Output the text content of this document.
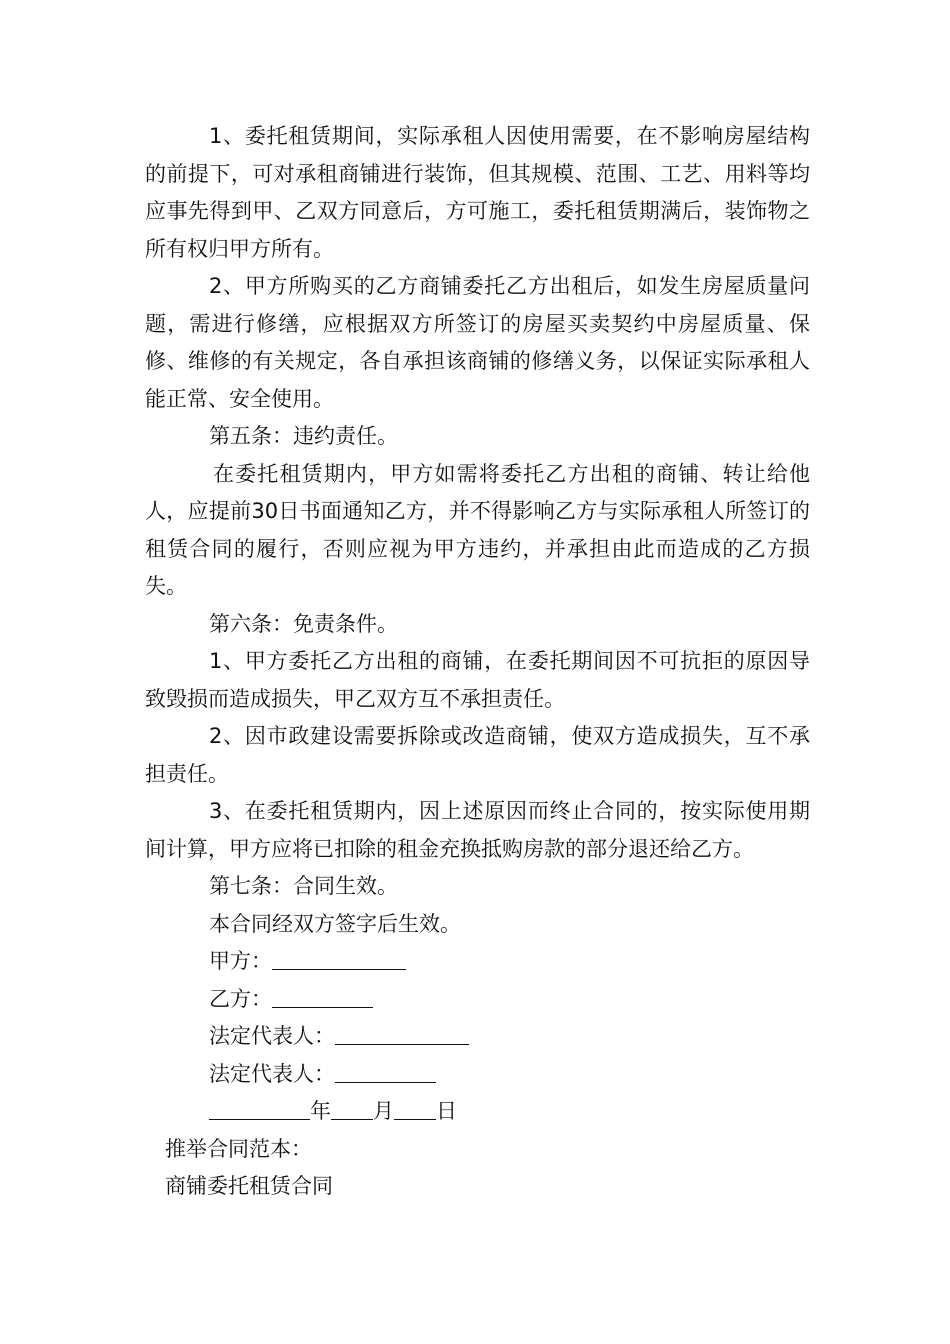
1、委托租赁期间，实际承租人因使用需要，在不影响房屋结构的前提下，可对承租商铺进行装饰，但其规模、范围、工艺、用料等均应事先得到甲、乙双方同意后，方可施工，委托租赁期满后，装饰物之所有权归甲方所有。

2、甲方所购买的乙方商铺委托乙方出租后，如发生房屋质量问题，需进行修缮，应根据双方所签订的房屋买卖契约中房屋质量、保修、维修的有关规定，各自承担该商铺的修缮义务，以保证实际承租人能正常、安全使用。

第五条：违约责任。

在委托租赁期内，甲方如需将委托乙方出租的商铺、转让给他人，应提前30日书面通知乙方，并不得影响乙方与实际承租人所签订的租赁合同的履行，否则应视为甲方违约，并承担由此而造成的乙方损失。

第六条：免责条件。

1、甲方委托乙方出租的商铺，在委托期间因不可抗拒的原因导致毁损而造成损失，甲乙双方互不承担责任。

2、因市政建设需要拆除或改造商铺，使双方造成损失，互不承担责任。

3、在委托租赁期内，因上述原因而终止合同的，按实际使用期间计算，甲方应将已扣除的租金充换抵购房款的部分退还给乙方。

第七条：合同生效。

本合同经双方签字后生效。

甲方：

乙方：

法定代表人：

法定代表人：

年 月 日

推举合同范本：

商铺委托租赁合同
